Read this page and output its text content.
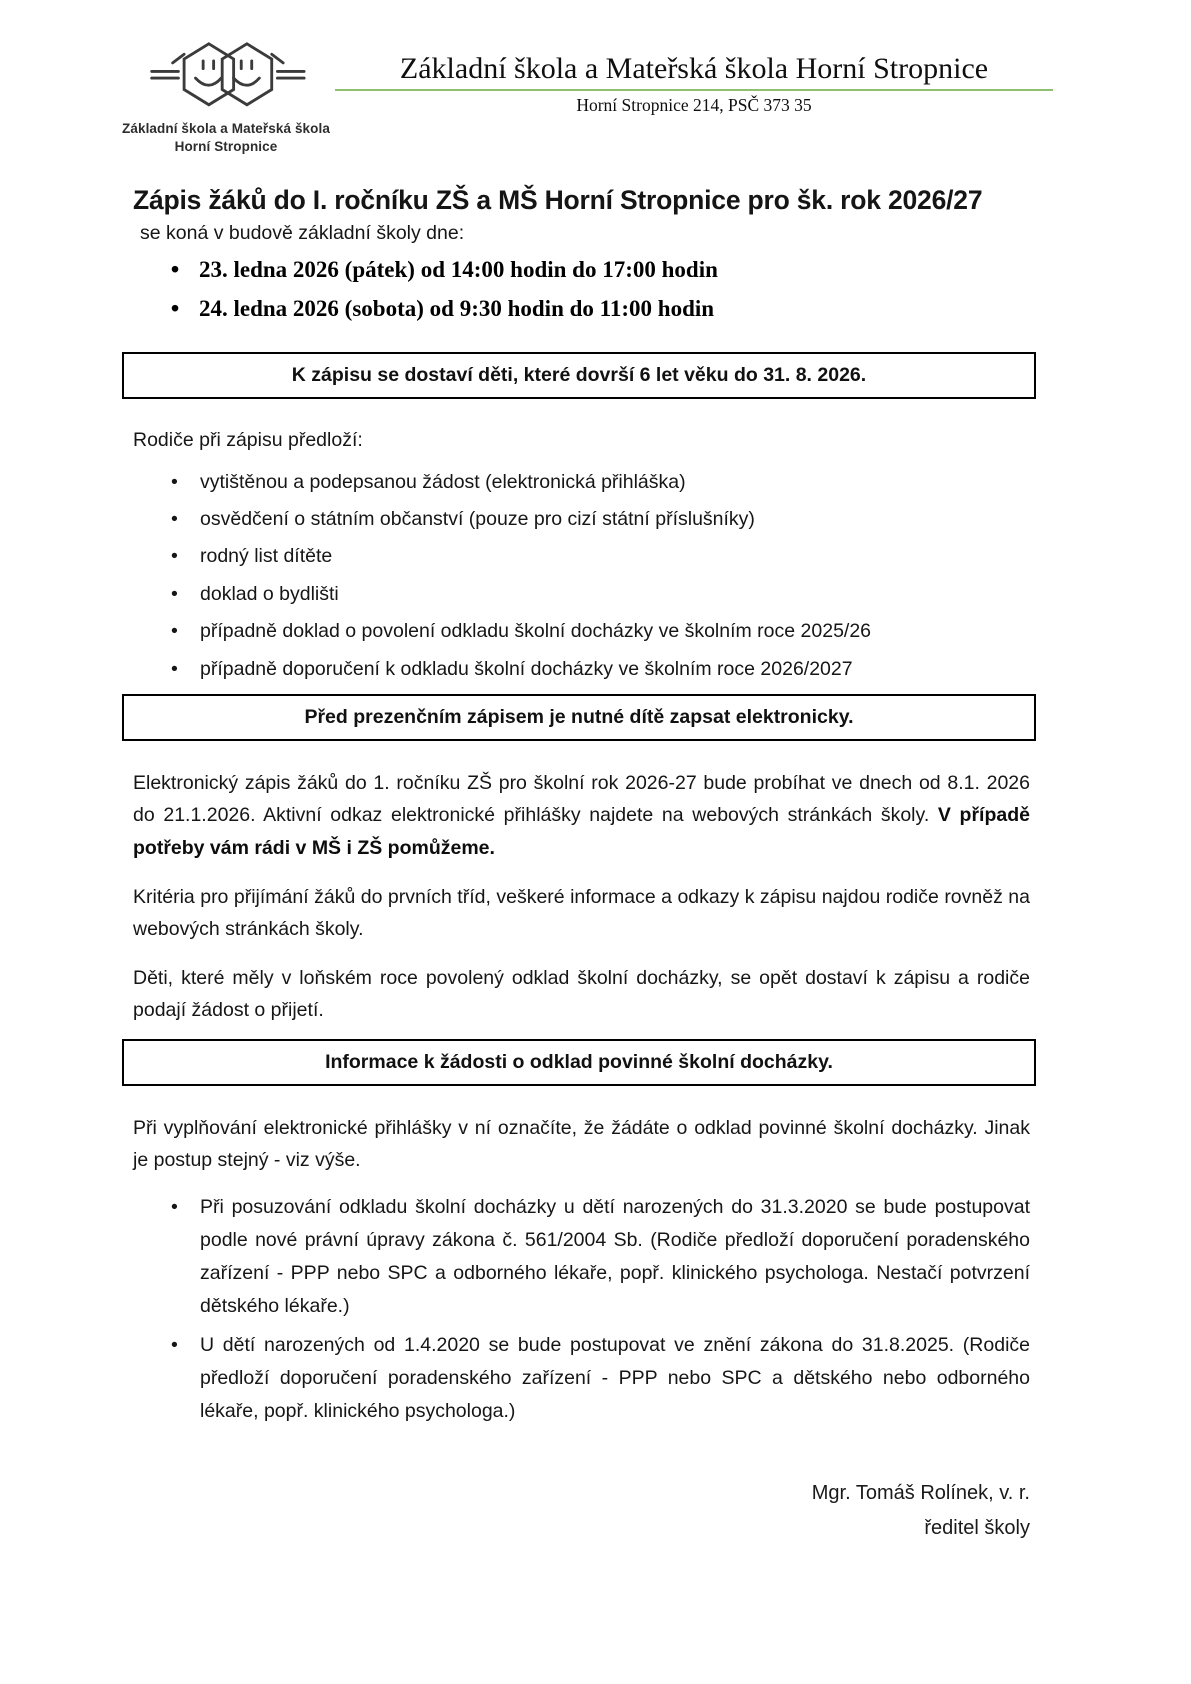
Základní škola a Mateřská škola
Horní Stropnice
Základní škola a Mateřská škola Horní Stropnice
Horní Stropnice 214, PSČ 373 35
Zápis žáků do I. ročníku ZŠ a MŠ Horní Stropnice pro šk. rok 2026/27
se koná v budově základní školy dne:
• 23. ledna 2026 (pátek) od 14:00 hodin do 17:00 hodin
• 24. ledna 2026 (sobota) od 9:30 hodin do 11:00 hodin
K zápisu se dostaví děti, které dovrší 6 let věku do 31. 8. 2026.

Rodiče při zápisu předloží:

• vytištěnou a podepsanou žádost (elektronická přihláška)
• osvědčení o státním občanství (pouze pro cizí státní příslušníky)
• rodný list dítěte
• doklad o bydlišti
• případně doklad o povolení odkladu školní docházky ve školním roce 2025/26
• případně doporučení k odkladu školní docházky ve školním roce 2026/2027
Před prezenčním zápisem je nutné dítě zapsat elektronicky.

Elektronický zápis žáků do 1. ročníku ZŠ pro školní rok 2026-27 bude probíhat ve dnech od 8.1. 2026 do 21.1.2026. Aktivní odkaz elektronické přihlášky najdete na webových stránkách školy. V případě potřeby vám rádi v MŠ i ZŠ pomůžeme.

Kritéria pro přijímání žáků do prvních tříd, veškeré informace a odkazy k zápisu najdou rodiče rovněž na webových stránkách školy.

Děti, které měly v loňském roce povolený odklad školní docházky, se opět dostaví k zápisu a rodiče podají žádost o přijetí.

Informace k žádosti o odklad povinné školní docházky.

Při vyplňování elektronické přihlášky v ní označíte, že žádáte o odklad povinné školní docházky. Jinak je postup stejný - viz výše.

• Při posuzování odkladu školní docházky u dětí narozených do 31.3.2020 se bude postupovat podle nové právní úpravy zákona č. 561/2004 Sb. (Rodiče předloží doporučení poradenského zařízení - PPP nebo SPC a odborného lékaře, popř. klinického psychologa. Nestačí potvrzení dětského lékaře.)
• U dětí narozených od 1.4.2020 se bude postupovat ve znění zákona do 31.8.2025. (Rodiče předloží doporučení poradenského zařízení - PPP nebo SPC a dětského nebo odborného lékaře, popř. klinického psychologa.)
Mgr. Tomáš Rolínek, v. r.
ředitel školy
